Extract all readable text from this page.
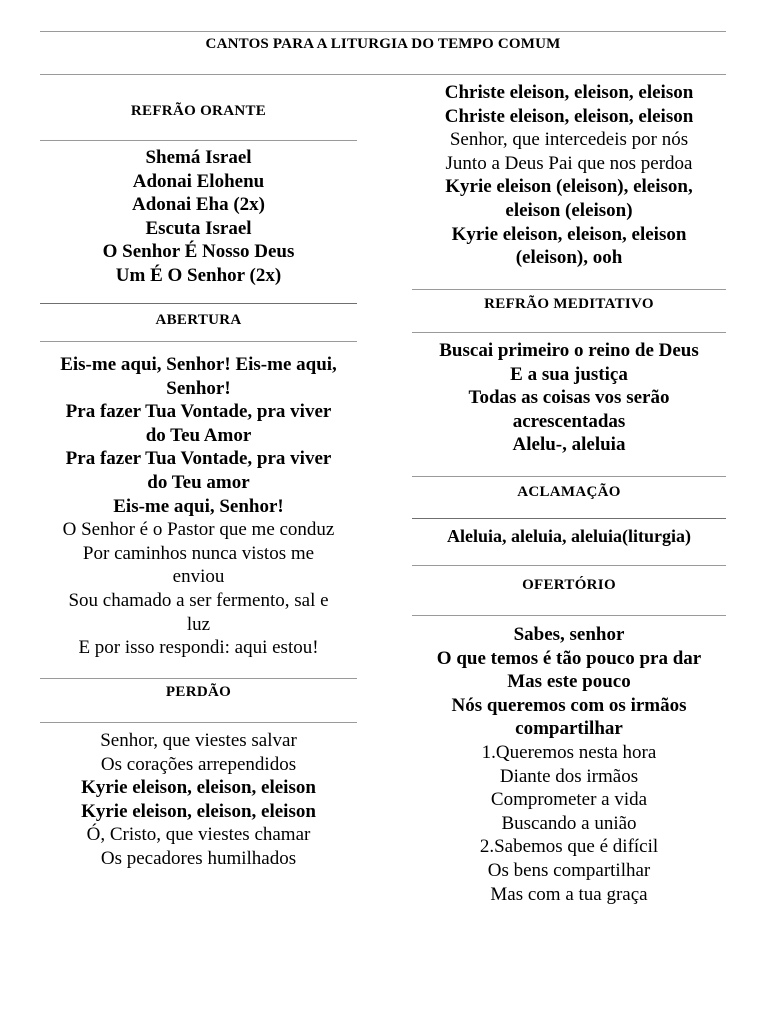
CANTOS PARA A LITURGIA DO TEMPO COMUM
REFRÃO ORANTE
Shemá Israel
Adonai Elohenu
Adonai Eha (2x)
Escuta Israel
O Senhor É Nosso Deus
Um É O Senhor (2x)
ABERTURA
Eis-me aqui, Senhor! Eis-me aqui,
Senhor!
Pra fazer Tua Vontade, pra viver
do Teu Amor
Pra fazer Tua Vontade, pra viver
do Teu amor
Eis-me aqui, Senhor!
O Senhor é o Pastor que me conduz
Por caminhos nunca vistos me
enviou
Sou chamado a ser fermento, sal e
luz
E por isso respondi: aqui estou!
PERDÃO
Senhor, que viestes salvar
Os corações arrependidos
Kyrie eleison, eleison, eleison
Kyrie eleison, eleison, eleison
Ó, Cristo, que viestes chamar
Os pecadores humilhados
Christe eleison, eleison, eleison
Christe eleison, eleison, eleison
Senhor, que intercedeis por nós
Junto a Deus Pai que nos perdoa
Kyrie eleison (eleison), eleison,
eleison (eleison)
Kyrie eleison, eleison, eleison
(eleison), ooh
REFRÃO MEDITATIVO
Buscai primeiro o reino de Deus
E a sua justiça
Todas as coisas vos serão
acrescentadas
Alelu-, aleluia
ACLAMAÇÃO
Aleluia, aleluia, aleluia(liturgia)
OFERTÓRIO
Sabes, senhor
O que temos é tão pouco pra dar
Mas este pouco
Nós queremos com os irmãos
compartilhar
1.Queremos nesta hora
Diante dos irmãos
Comprometer a vida
Buscando a união
2.Sabemos que é difícil
Os bens compartilhar
Mas com a tua graça
